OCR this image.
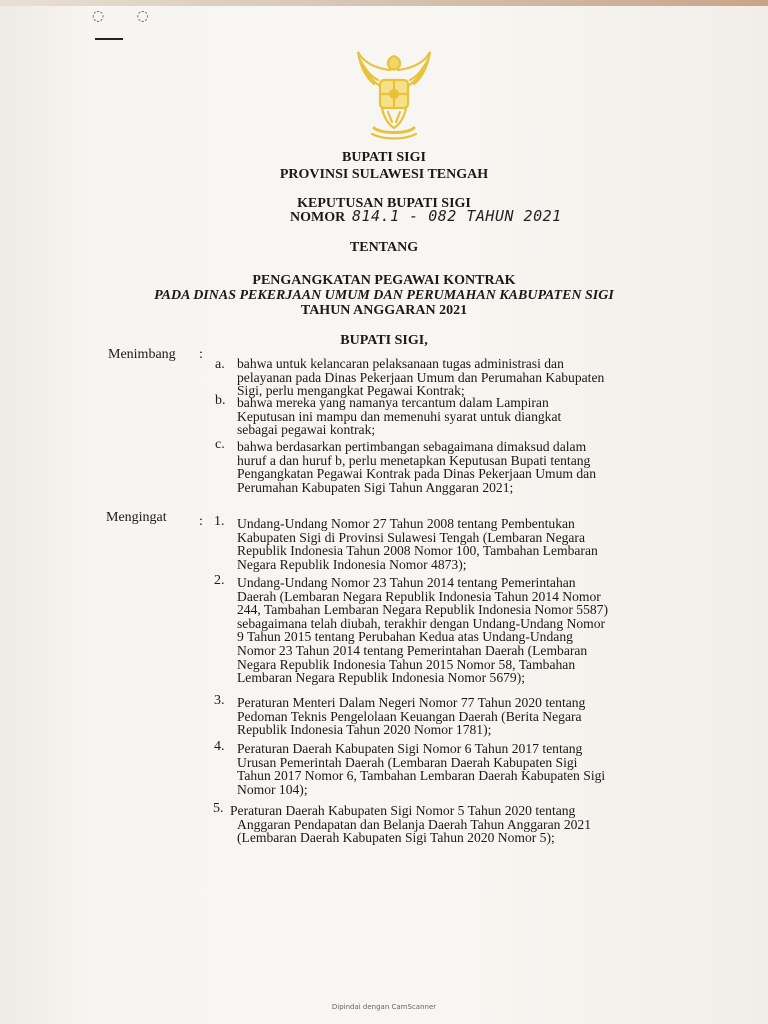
◌ ◌
BUPATI SIGI
PROVINSI SULAWESI TENGAH
KEPUTUSAN BUPATI SIGI
NOMOR 814.1 - 082 TAHUN 2021
TENTANG
PENGANGKATAN PEGAWAI KONTRAK
PADA DINAS PEKERJAAN UMUM DAN PERUMAHAN KABUPATEN SIGI
TAHUN ANGGARAN 2021
BUPATI SIGI,
Menimbang :
a. bahwa untuk kelancaran pelaksanaan tugas administrasi dan
pelayanan pada Dinas Pekerjaan Umum dan Perumahan Kabupaten
Sigi, perlu mengangkat Pegawai Kontrak;
b. bahwa mereka yang namanya tercantum dalam Lampiran
Keputusan ini mampu dan memenuhi syarat untuk diangkat
sebagai pegawai kontrak;
c. bahwa berdasarkan pertimbangan sebagaimana dimaksud dalam
huruf a dan huruf b, perlu menetapkan Keputusan Bupati tentang
Pengangkatan Pegawai Kontrak pada Dinas Pekerjaan Umum dan
Perumahan Kabupaten Sigi Tahun Anggaran 2021;
Mengingat : 1. Undang-Undang Nomor 27 Tahun 2008 tentang Pembentukan
Kabupaten Sigi di Provinsi Sulawesi Tengah (Lembaran Negara
Republik Indonesia Tahun 2008 Nomor 100, Tambahan Lembaran
Negara Republik Indonesia Nomor 4873);
2. Undang-Undang Nomor 23 Tahun 2014 tentang Pemerintahan
Daerah (Lembaran Negara Republik Indonesia Tahun 2014 Nomor
244, Tambahan Lembaran Negara Republik Indonesia Nomor 5587)
sebagaimana telah diubah, terakhir dengan Undang-Undang Nomor
9 Tahun 2015 tentang Perubahan Kedua atas Undang-Undang
Nomor 23 Tahun 2014 tentang Pemerintahan Daerah (Lembaran
Negara Republik Indonesia Tahun 2015 Nomor 58, Tambahan
Lembaran Negara Republik Indonesia Nomor 5679);
3. Peraturan Menteri Dalam Negeri Nomor 77 Tahun 2020 tentang
Pedoman Teknis Pengelolaan Keuangan Daerah (Berita Negara
Republik Indonesia Tahun 2020 Nomor 1781);
4. Peraturan Daerah Kabupaten Sigi Nomor 6 Tahun 2017 tentang
Urusan Pemerintah Daerah (Lembaran Daerah Kabupaten Sigi
Tahun 2017 Nomor 6, Tambahan Lembaran Daerah Kabupaten Sigi
Nomor 104);
5. Peraturan Daerah Kabupaten Sigi Nomor 5 Tahun 2020 tentang
Anggaran Pendapatan dan Belanja Daerah Tahun Anggaran 2021
(Lembaran Daerah Kabupaten Sigi Tahun 2020 Nomor 5);
Dipindai dengan CamScanner
